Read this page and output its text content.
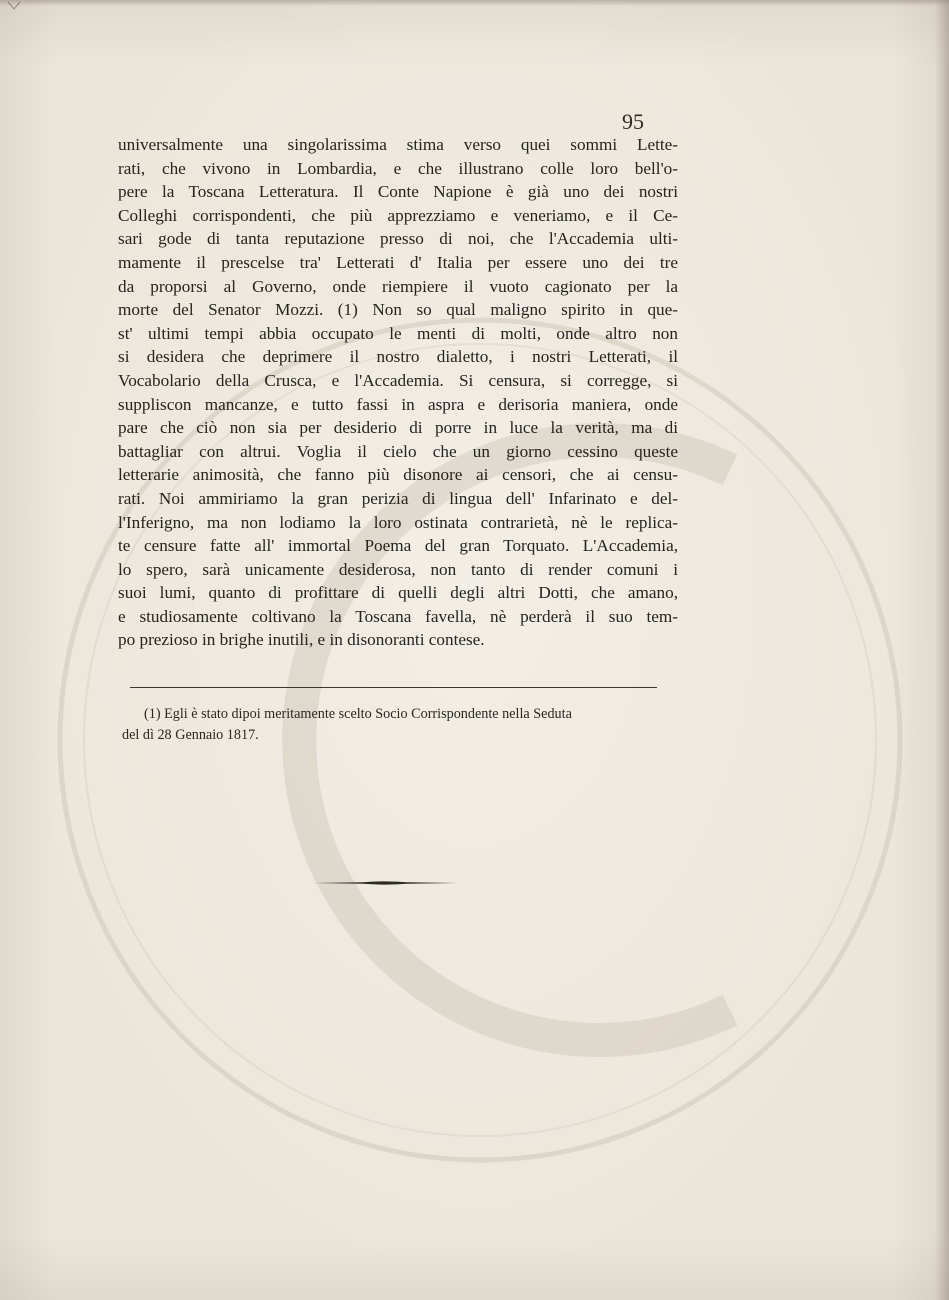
95
universalmente una singolarissima stima verso quei sommi Lette-
rati, che vivono in Lombardia, e che illustrano colle loro bell'o-
pere la Toscana Letteratura. Il Conte Napione è già uno dei nostri
Colleghi corrispondenti, che più apprezziamo e veneriamo, e il Ce-
sari gode di tanta reputazione presso di noi, che l'Accademia ulti-
mamente il prescelse tra' Letterati d' Italia per essere uno dei tre
da proporsi al Governo, onde riempiere il vuoto cagionato per la
morte del Senator Mozzi. (1) Non so qual maligno spirito in que-
st' ultimi tempi abbia occupato le menti di molti, onde altro non
si desidera che deprimere il nostro dialetto, i nostri Letterati, il
Vocabolario della Crusca, e l'Accademia. Si censura, si corregge, si
suppliscon mancanze, e tutto fassi in aspra e derisoria maniera, onde
pare che ciò non sia per desiderio di porre in luce la verità, ma di
battagliar con altrui. Voglia il cielo che un giorno cessino queste
letterarie animosità, che fanno più disonore ai censori, che ai censu-
rati. Noi ammiriamo la gran perizia di lingua dell' Infarinato e del-
l'Inferigno, ma non lodiamo la loro ostinata contrarietà, nè le replica-
te censure fatte all' immortal Poema del gran Torquato. L'Accademia,
lo spero, sarà unicamente desiderosa, non tanto di render comuni i
suoi lumi, quanto di profittare di quelli degli altri Dotti, che amano,
e studiosamente coltivano la Toscana favella, nè perderà il suo tem-
po prezioso in brighe inutili, e in disonoranti contese.
(1) Egli è stato dipoi meritamente scelto Socio Corrispondente nella Seduta
del dì 28 Gennaio 1817.
